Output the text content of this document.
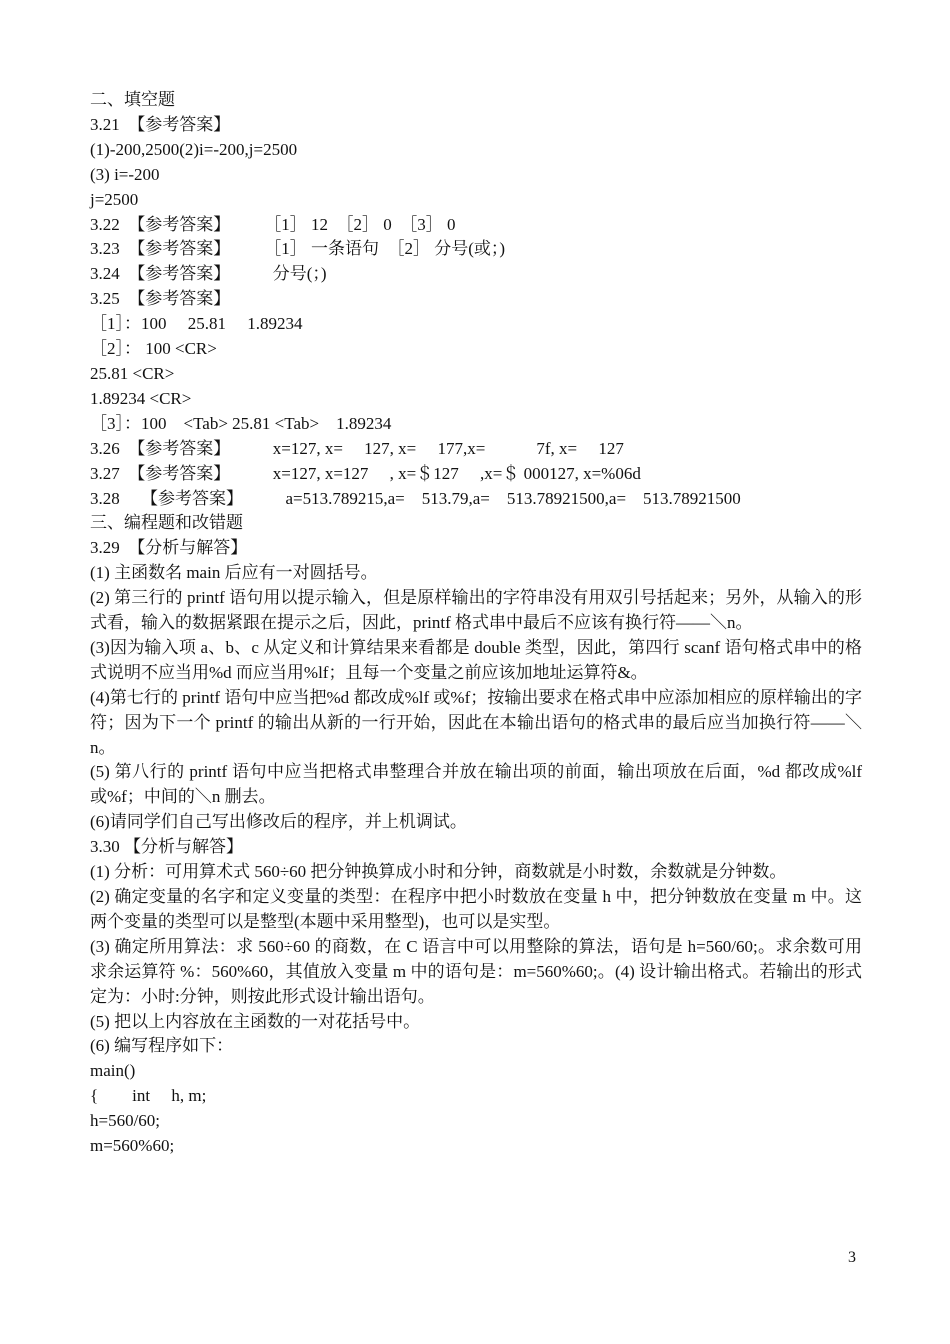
二、填空题

3.21　【参考答案】

(1)-200,2500(2)i=-200,j=2500

(3) i=-200

j=2500

3.22　【参考答案】　　　［1］ 12　［2］ 0　［3］ 0

3.23　【参考答案】　　　［1］ 一条语句　［2］ 分号(或；)

3.24　【参考答案】　　　分号(；)

3.25　【参考答案】

［1］：100　 25.81　 1.89234

［2］： 100 <CR>

25.81 <CR>

1.89234 <CR>

［3］：100　<Tab> 25.81 <Tab>　1.89234

3.26　【参考答案】　　　x=127, x=　 127, x=　 177,x=　　　7f, x=　 127

3.27　【参考答案】　　　x=127, x=127　 , x=＄127　 ,x=＄ 000127, x=%06d

3.28　 【参考答案】　　　a=513.789215,a=　513.79,a=　513.78921500,a=　513.78921500

三、编程题和改错题

3.29　【分析与解答】

(1) 主函数名 main 后应有一对圆括号。

(2) 第三行的 printf 语句用以提示输入，但是原样输出的字符串没有用双引号括起来；另外，从输入的形式看，输入的数据紧跟在提示之后，因此，printf 格式串中最后不应该有换行符——＼n。

(3)因为输入项 a、b、c 从定义和计算结果来看都是 double 类型，因此，第四行 scanf 语句格式串中的格式说明不应当用%d 而应当用%lf；且每一个变量之前应该加地址运算符&。

(4)第七行的 printf 语句中应当把%d 都改成%lf 或%f；按输出要求在格式串中应添加相应的原样输出的字符；因为下一个 printf 的输出从新的一行开始，因此在本输出语句的格式串的最后应当加换行符——＼n。

(5) 第八行的 printf 语句中应当把格式串整理合并放在输出项的前面，输出项放在后面，%d 都改成%lf 或%f；中间的＼n 删去。

(6)请同学们自己写出修改后的程序，并上机调试。

3.30 【分析与解答】

(1) 分析：可用算术式 560÷60 把分钟换算成小时和分钟，商数就是小时数，余数就是分钟数。

(2) 确定变量的名字和定义变量的类型：在程序中把小时数放在变量 h 中，把分钟数放在变量 m 中。这两个变量的类型可以是整型(本题中采用整型)，也可以是实型。

(3) 确定所用算法：求 560÷60 的商数，在 C 语言中可以用整除的算法，语句是 h=560/60;。求余数可用求余运算符 %：560%60，其值放入变量 m 中的语句是：m=560%60;。(4) 设计输出格式。若输出的形式定为：小时:分钟，则按此形式设计输出语句。

(5) 把以上内容放在主函数的一对花括号中。

(6) 编写程序如下：

main()

{　　int　 h, m;

h=560/60;

m=560%60;

3
